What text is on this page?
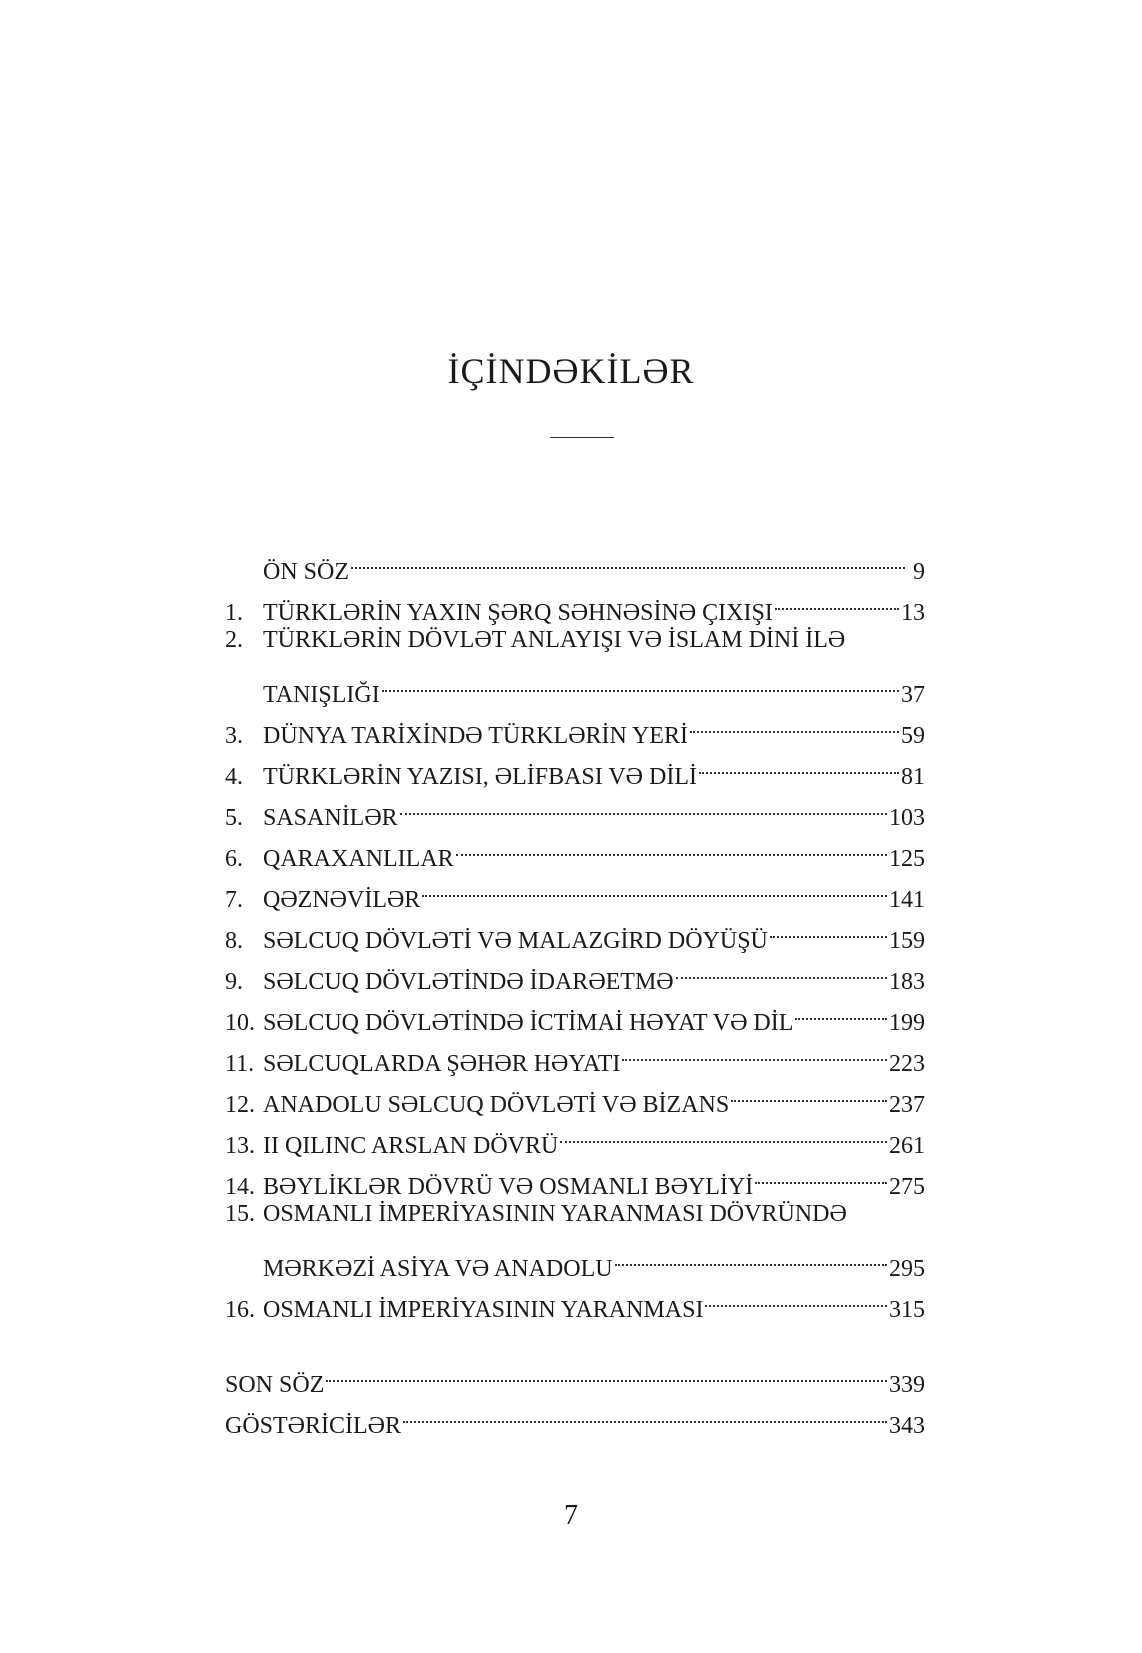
İÇİNDƏKİLƏR
ÖN SÖZ	9
1. TÜRKLƏRİN YAXIN ŞƏRQ SƏHNƏSİNƏ ÇIXIŞI	13
2. TÜRKLƏRİN DÖVLƏT ANLAYIŞI VƏ İSLAM DİNİ İLƏ
TANIŞLIĞI	37
3. DÜNYA TARİXİNDƏ TÜRKLƏRİN YERİ	59
4. TÜRKLƏRİN YAZISI, ƏLİFBASI VƏ DİLİ	81
5. SASANİLƏR	103
6. QARAXANLILAR	125
7. QƏZNƏVİLƏR	141
8. SƏLCUQ DÖVLƏTİ VƏ MALAZGİRD DÖYÜŞÜ	159
9. SƏLCUQ DÖVLƏTİNDƏ İDARƏETMƏ	183
10. SƏLCUQ DÖVLƏTİNDƏ İCTİMAİ HƏYAT VƏ DİL	199
11. SƏLCUQLARDA ŞƏHƏR HƏYATI	223
12. ANADOLU SƏLCUQ DÖVLƏTİ VƏ BİZANS	237
13. II QILINC ARSLAN DÖVRÜ	261
14. BƏYLİKLƏR DÖVRÜ VƏ OSMANLI BƏYLİYİ	275
15. OSMANLI İMPERİYASININ YARANMASI DÖVRÜNDƏ
MƏRKƏZİ ASİYA VƏ ANADOLU	295
16. OSMANLI İMPERİYASININ YARANMASI	315
SON SÖZ	339
GÖSTƏRİCİLƏR	343
7
